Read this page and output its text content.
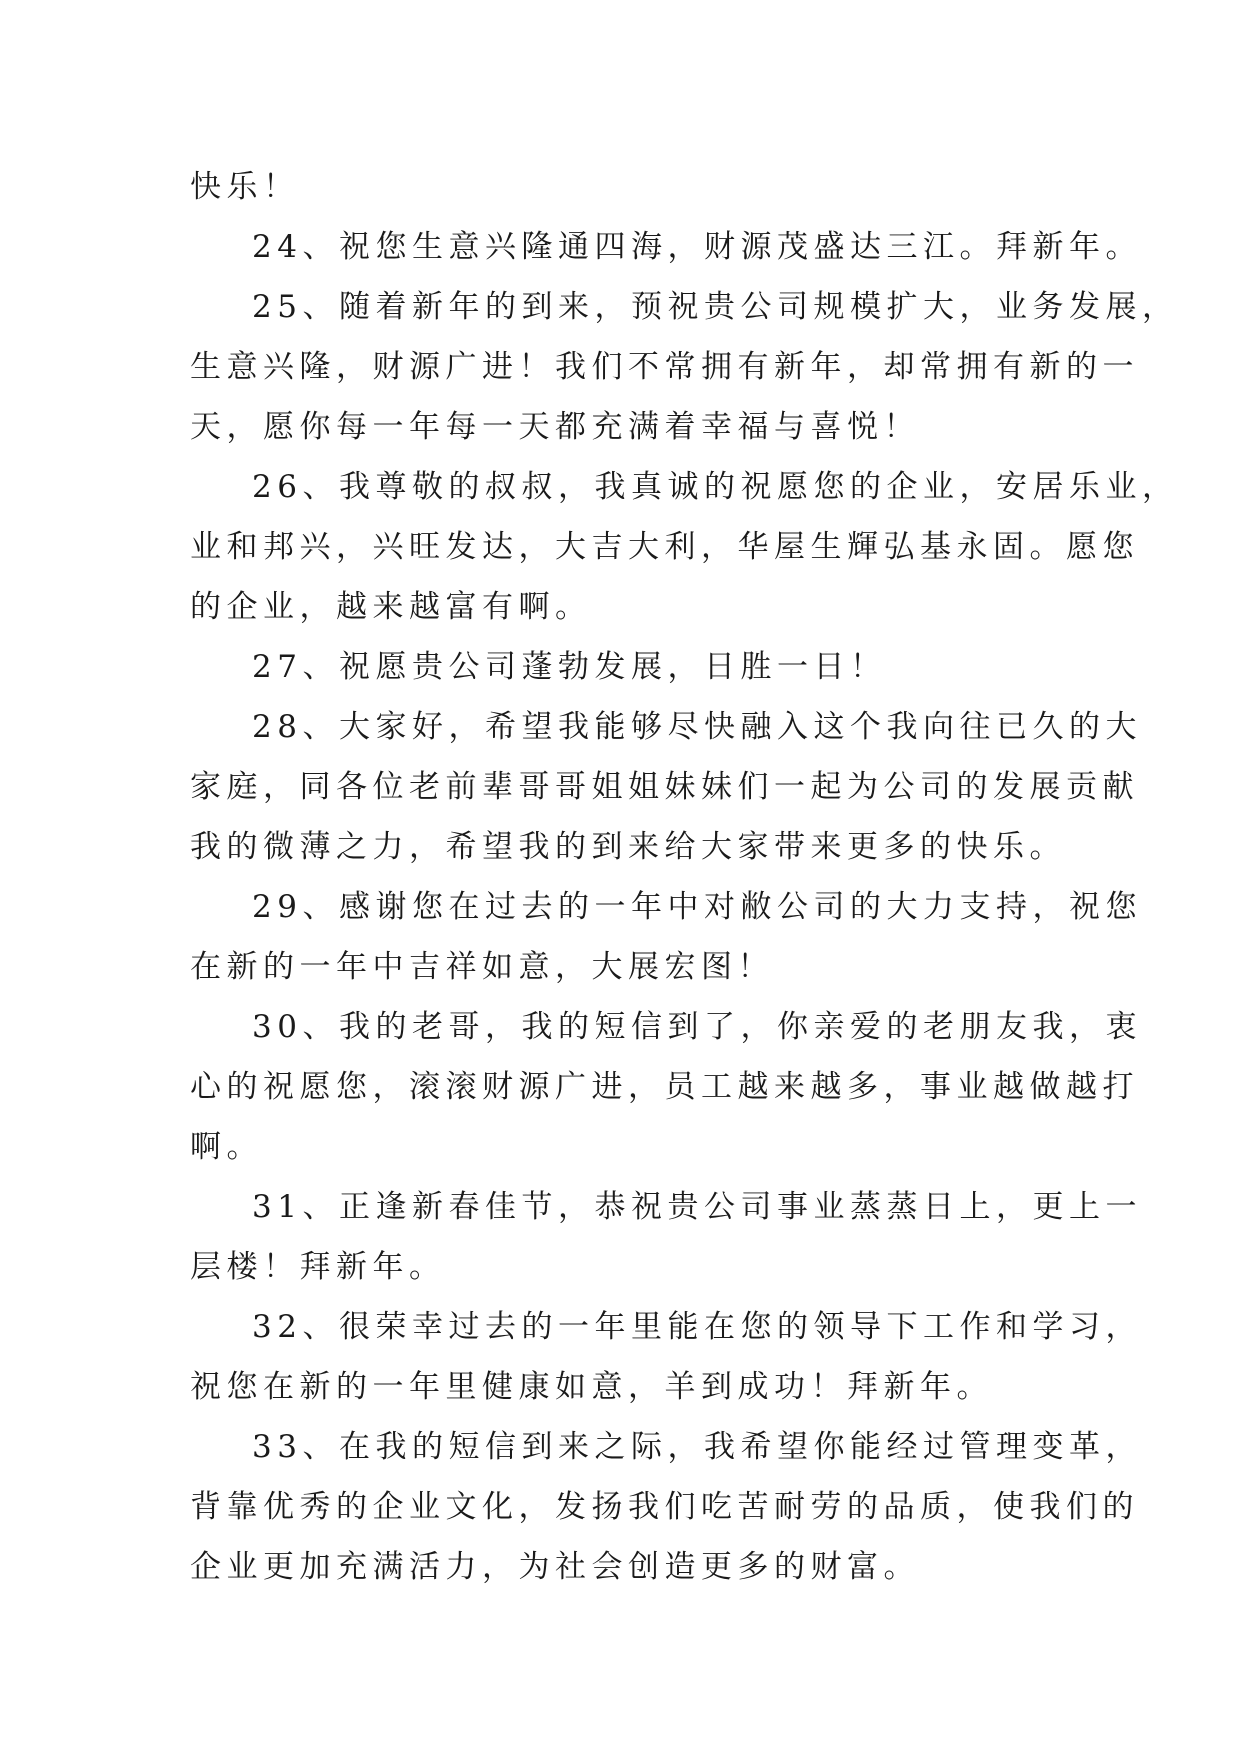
快乐！
24、祝您生意兴隆通四海，财源茂盛达三江。拜新年。
25、随着新年的到来，预祝贵公司规模扩大，业务发展，
生意兴隆，财源广进！我们不常拥有新年，却常拥有新的一
天，愿你每一年每一天都充满着幸福与喜悦！
26、我尊敬的叔叔，我真诚的祝愿您的企业，安居乐业，
业和邦兴，兴旺发达，大吉大利，华屋生輝弘基永固。愿您
的企业，越来越富有啊。
27、祝愿贵公司蓬勃发展，日胜一日！
28、大家好，希望我能够尽快融入这个我向往已久的大
家庭，同各位老前辈哥哥姐姐妹妹们一起为公司的发展贡献
我的微薄之力，希望我的到来给大家带来更多的快乐。
29、感谢您在过去的一年中对敝公司的大力支持，祝您
在新的一年中吉祥如意，大展宏图！
30、我的老哥，我的短信到了，你亲爱的老朋友我，衷
心的祝愿您，滚滚财源广进，员工越来越多，事业越做越打
啊。
31、正逢新春佳节，恭祝贵公司事业蒸蒸日上，更上一
层楼！拜新年。
32、很荣幸过去的一年里能在您的领导下工作和学习，
祝您在新的一年里健康如意，羊到成功！拜新年。
33、在我的短信到来之际，我希望你能经过管理变革，
背靠优秀的企业文化，发扬我们吃苦耐劳的品质，使我们的
企业更加充满活力，为社会创造更多的财富。
